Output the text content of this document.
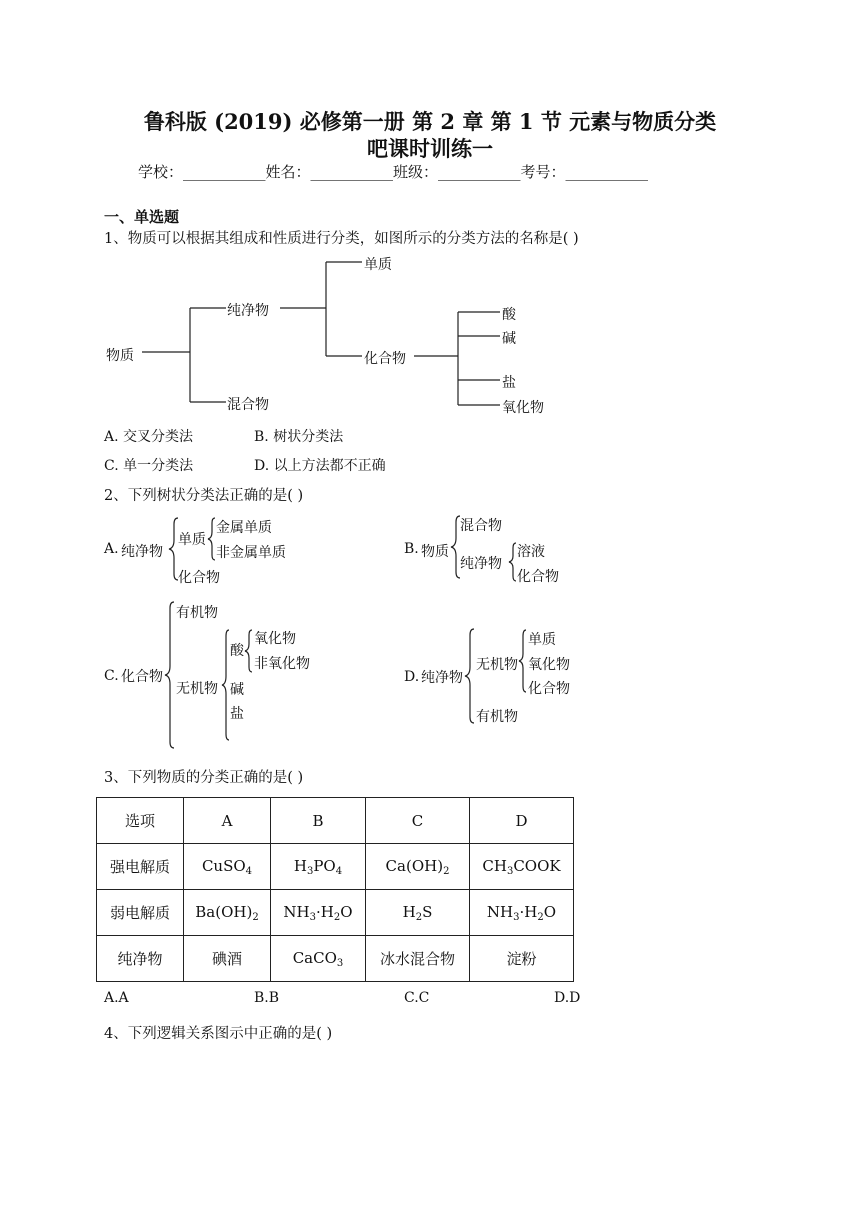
鲁科版 (2019) 必修第一册 第 2 章 第 1 节 元素与物质分类
吧课时训练一
学校：___________姓名：___________班级：___________考号：___________
一、单选题
1、物质可以根据其组成和性质进行分类，如图所示的分类方法的名称是( )
物质
纯净物
混合物
单质
化合物
酸
碱
盐
氧化物
A. 交叉分类法	B. 树状分类法
C. 单一分类法	D. 以上方法都不正确
2、下列树状分类法正确的是( )
A. 纯净物
单质
金属单质
非金属单质
化合物
B. 物质
混合物
纯净物
溶液
化合物
C. 化合物
有机物
无机物
酸
氧化物
非氧化物
碱
盐
D. 纯净物
无机物
单质
氧化物
化合物
有机物
3、下列物质的分类正确的是( )
选项	A	B	C	D
强电解质	CuSO$_4$	$H_3PO_4$	$Ca(OH)_2$	$CH_3COOK$
弱电解质	$Ba(OH)_2$	$NH_3\cdot H_2O$	$H_2S$	$NH_3\cdot H_2O$
纯净物	碘酒	CaCO$_3$	冰水混合物	淀粉
A.A	B.B	C.C	D.D
4、下列逻辑关系图示中正确的是( )
